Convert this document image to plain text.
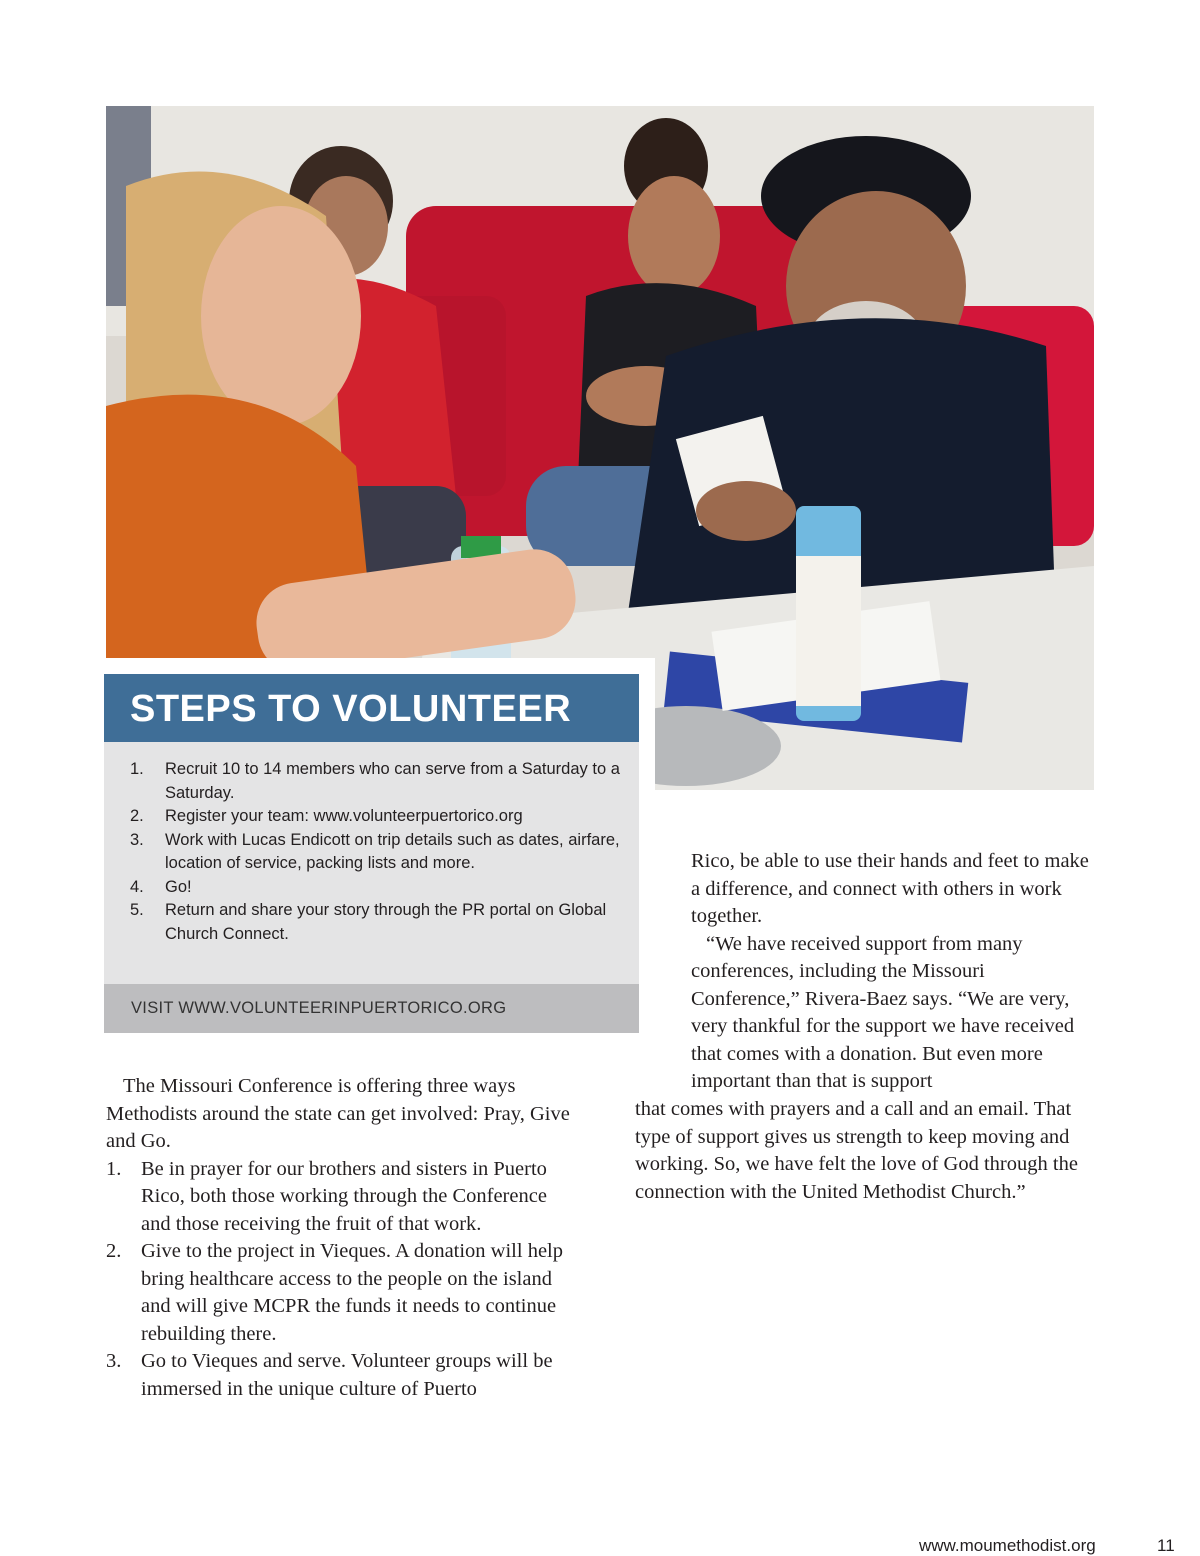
STEPS TO VOLUNTEER
1. Recruit 10 to 14 members who can serve from a Saturday to a Saturday.
2. Register your team: www.volunteerpuertorico.org
3. Work with Lucas Endicott on trip details such as dates, airfare, location of service, packing lists and more.
4. Go!
5. Return and share your story through the PR portal on Global Church Connect.
VISIT WWW.VOLUNTEERINPUERTORICO.ORG

The Missouri Conference is offering three ways Methodists around the state can get involved: Pray, Give and Go.

1. Be in prayer for our brothers and sisters in Puerto Rico, both those working through the Conference and those receiving the fruit of that work.
2. Give to the project in Vieques. A donation will help bring healthcare access to the people on the island and will give MCPR the funds it needs to continue rebuilding there.
3. Go to Vieques and serve. Volunteer groups will be immersed in the unique culture of Puerto

Rico, be able to use their hands and feet to make a difference, and connect with others in work together.

“We have received support from many conferences, including the Missouri Conference,” Rivera-Baez says. “We are very, very thankful for the support we have received that comes with a donation. But even more important than that is support

that comes with prayers and a call and an email. That type of support gives us strength to keep moving and working. So, we have felt the love of God through the connection with the United Methodist Church.”

www.moumethodist.org	11
